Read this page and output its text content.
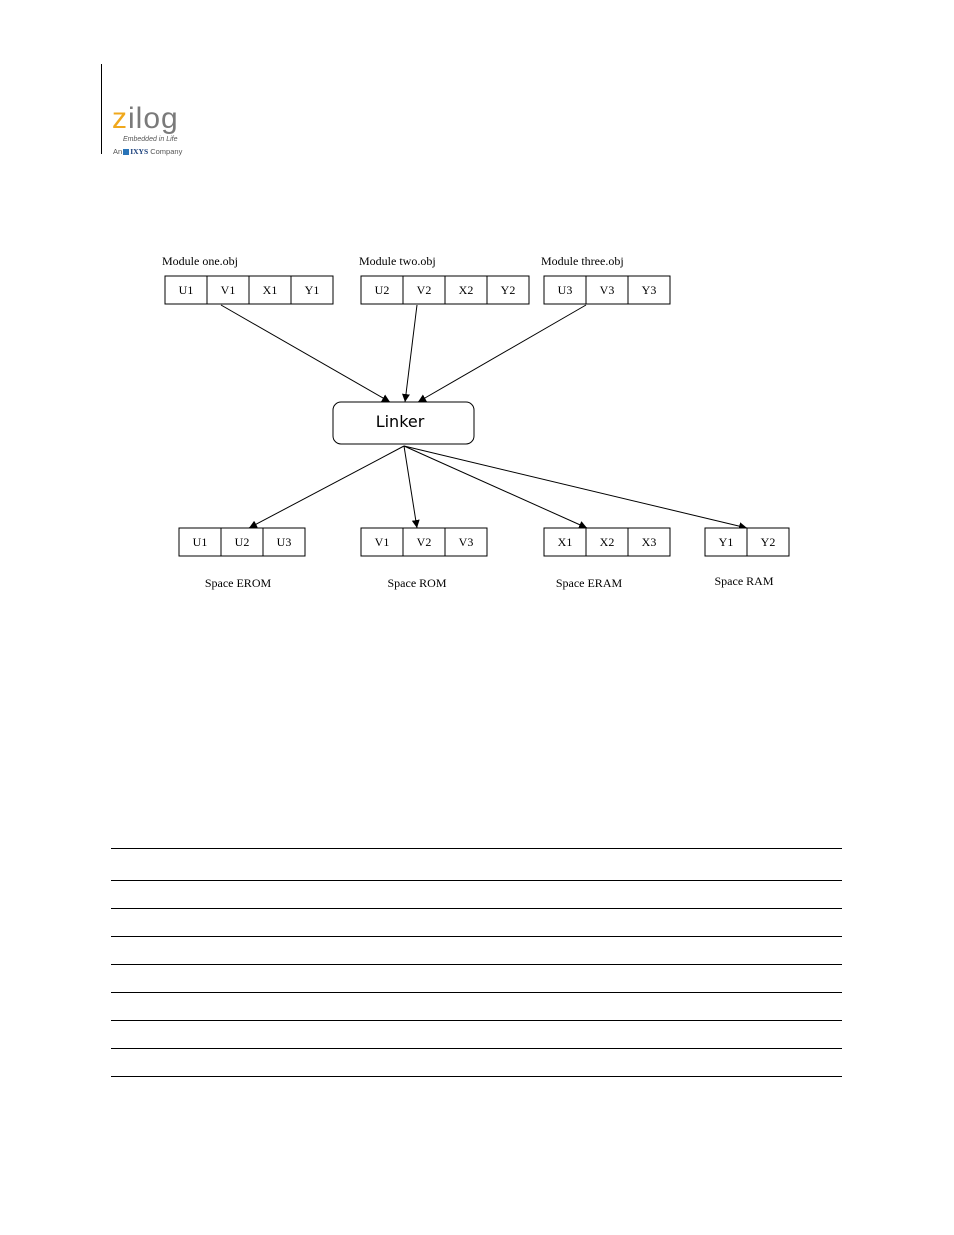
zilog
Embedded in Life
An IXYS Company
Module one.obj
U1 V1 X1 Y1
Module two.obj
U2 V2 X2 Y2
Module three.obj
U3 V3 Y3
Linker
Space EROM
U1 U2 U3
Space ROM
V1 V2 V3
Space ERAM
X1 X2 X3
Space RAM
Y1 Y2
